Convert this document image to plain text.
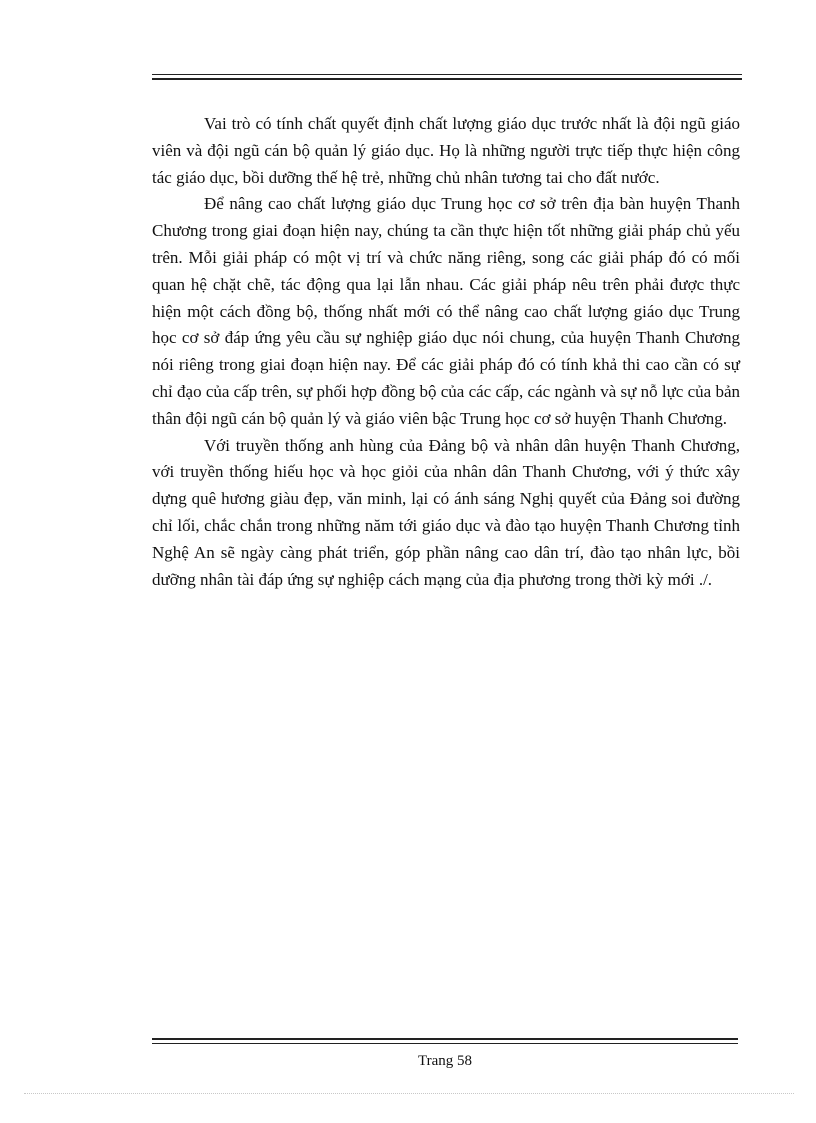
Vai trò có tính chất quyết định chất lượng giáo dục trước nhất là đội ngũ giáo viên và đội ngũ cán bộ quản lý giáo dục. Họ là những người trực tiếp thực hiện công tác giáo dục, bồi dưỡng thế hệ trẻ, những chủ nhân tương tai cho đất nước.

Để nâng cao chất lượng giáo dục Trung học cơ sở trên địa bàn huyện Thanh Chương trong giai đoạn hiện nay, chúng ta cần thực hiện tốt những giải pháp chủ yếu trên. Mỗi giải pháp có một vị trí và chức năng riêng, song các giải pháp đó có mối quan hệ chặt chẽ, tác động qua lại lẫn nhau. Các giải pháp nêu trên phải được thực hiện một cách đồng bộ, thống nhất mới có thể nâng cao chất lượng giáo dục Trung học cơ sở đáp ứng yêu cầu sự nghiệp giáo dục nói chung, của huyện Thanh Chương nói riêng trong giai đoạn hiện nay. Để các giải pháp đó có tính khả thi cao cần có sự chỉ đạo của cấp trên, sự phối hợp đồng bộ của các cấp, các ngành và sự nỗ lực của bản thân đội ngũ cán bộ quản lý và giáo viên bậc Trung học cơ sở huyện Thanh Chương.

Với truyền thống anh hùng của Đảng bộ và nhân dân huyện Thanh Chương, với truyền thống hiếu học và học giỏi của nhân dân Thanh Chương, với ý thức xây dựng quê hương giàu đẹp, văn minh, lại có ánh sáng Nghị quyết của Đảng soi đường chỉ lối, chắc chắn trong những năm tới giáo dục và đào tạo huyện Thanh Chương tỉnh Nghệ An sẽ ngày càng phát triển, góp phần nâng cao dân trí, đào tạo nhân lực, bồi dưỡng nhân tài đáp ứng sự nghiệp cách mạng của địa phương trong thời kỳ mới ./.

Trang 58
